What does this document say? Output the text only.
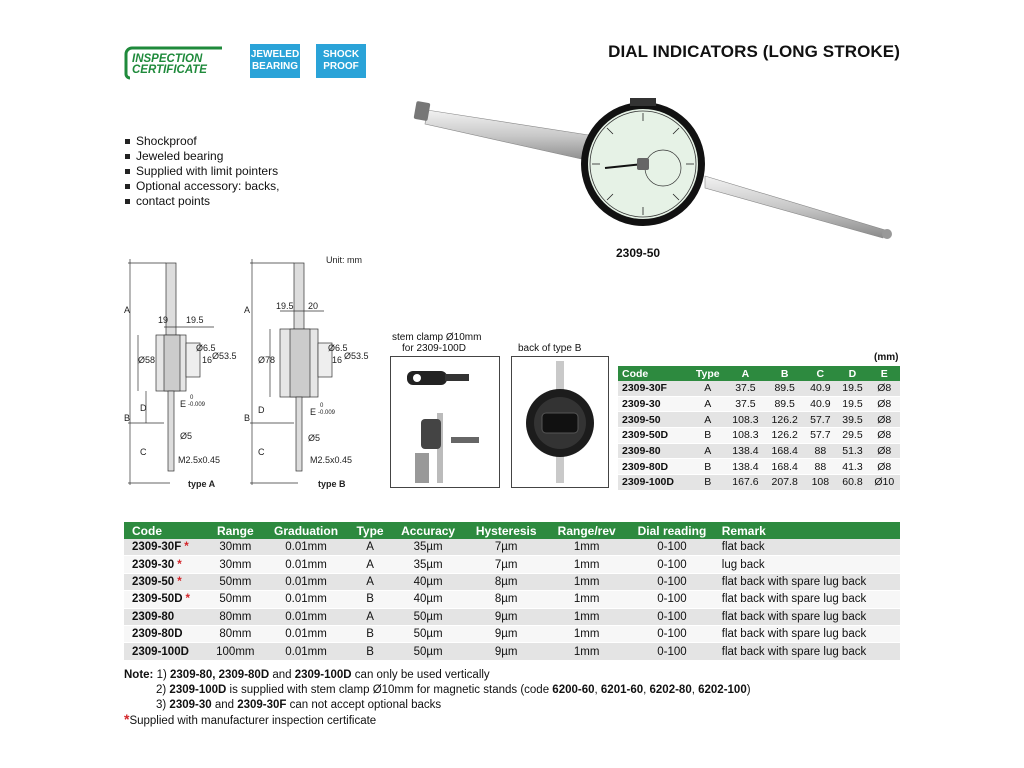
INSPECTION
CERTIFICATE
JEWELED
BEARING
SHOCK
PROOF
DIAL INDICATORS (LONG STROKE)
Shockproof
Jeweled bearing
Supplied with limit pointers
Optional accessory: backs,
contact points
2309-50
Unit: mm
A
B
C
D
19 19.5
Ø6.5
16
Ø58	Ø53.5
E
0
-0.009
Ø5
M2.5x0.45
type A
A
B
C
D
19.5 20
Ø6.5
16
Ø78	Ø53.5
E
0
-0.009
Ø5
M2.5x0.45
type B
stem clamp Ø10mm
for 2309-100D	back of type B
(mm)
Code	Type	A	B	C	D	E
2309-30F	A	37.5	89.5	40.9	19.5	Ø8
2309-30	A	37.5	89.5	40.9	19.5	Ø8
2309-50	A	108.3	126.2	57.7	39.5	Ø8
2309-50D	B	108.3	126.2	57.7	29.5	Ø8
2309-80	A	138.4	168.4	88	51.3	Ø8
2309-80D	B	138.4	168.4	88	41.3	Ø8
2309-100D	B	167.6	207.8	108	60.8	Ø10
Code	Range	Graduation	Type	Accuracy	Hysteresis	Range/rev	Dial reading	Remark
2309-30F *	30mm	0.01mm	A	35µm	7µm	1mm	0-100	flat back
2309-30 *	30mm	0.01mm	A	35µm	7µm	1mm	0-100	lug back
2309-50 *	50mm	0.01mm	A	40µm	8µm	1mm	0-100	flat back with spare lug back
2309-50D *	50mm	0.01mm	B	40µm	8µm	1mm	0-100	flat back with spare lug back
2309-80	80mm	0.01mm	A	50µm	9µm	1mm	0-100	flat back with spare lug back
2309-80D	80mm	0.01mm	B	50µm	9µm	1mm	0-100	flat back with spare lug back
2309-100D	100mm	0.01mm	B	50µm	9µm	1mm	0-100	flat back with spare lug back
Note: 1) 2309-80, 2309-80D and 2309-100D can only be used vertically
2) 2309-100D is supplied with stem clamp Ø10mm for magnetic stands (code 6200-60, 6201-60, 6202-80, 6202-100)
3) 2309-30 and 2309-30F can not accept optional backs
*Supplied with manufacturer inspection certificate
